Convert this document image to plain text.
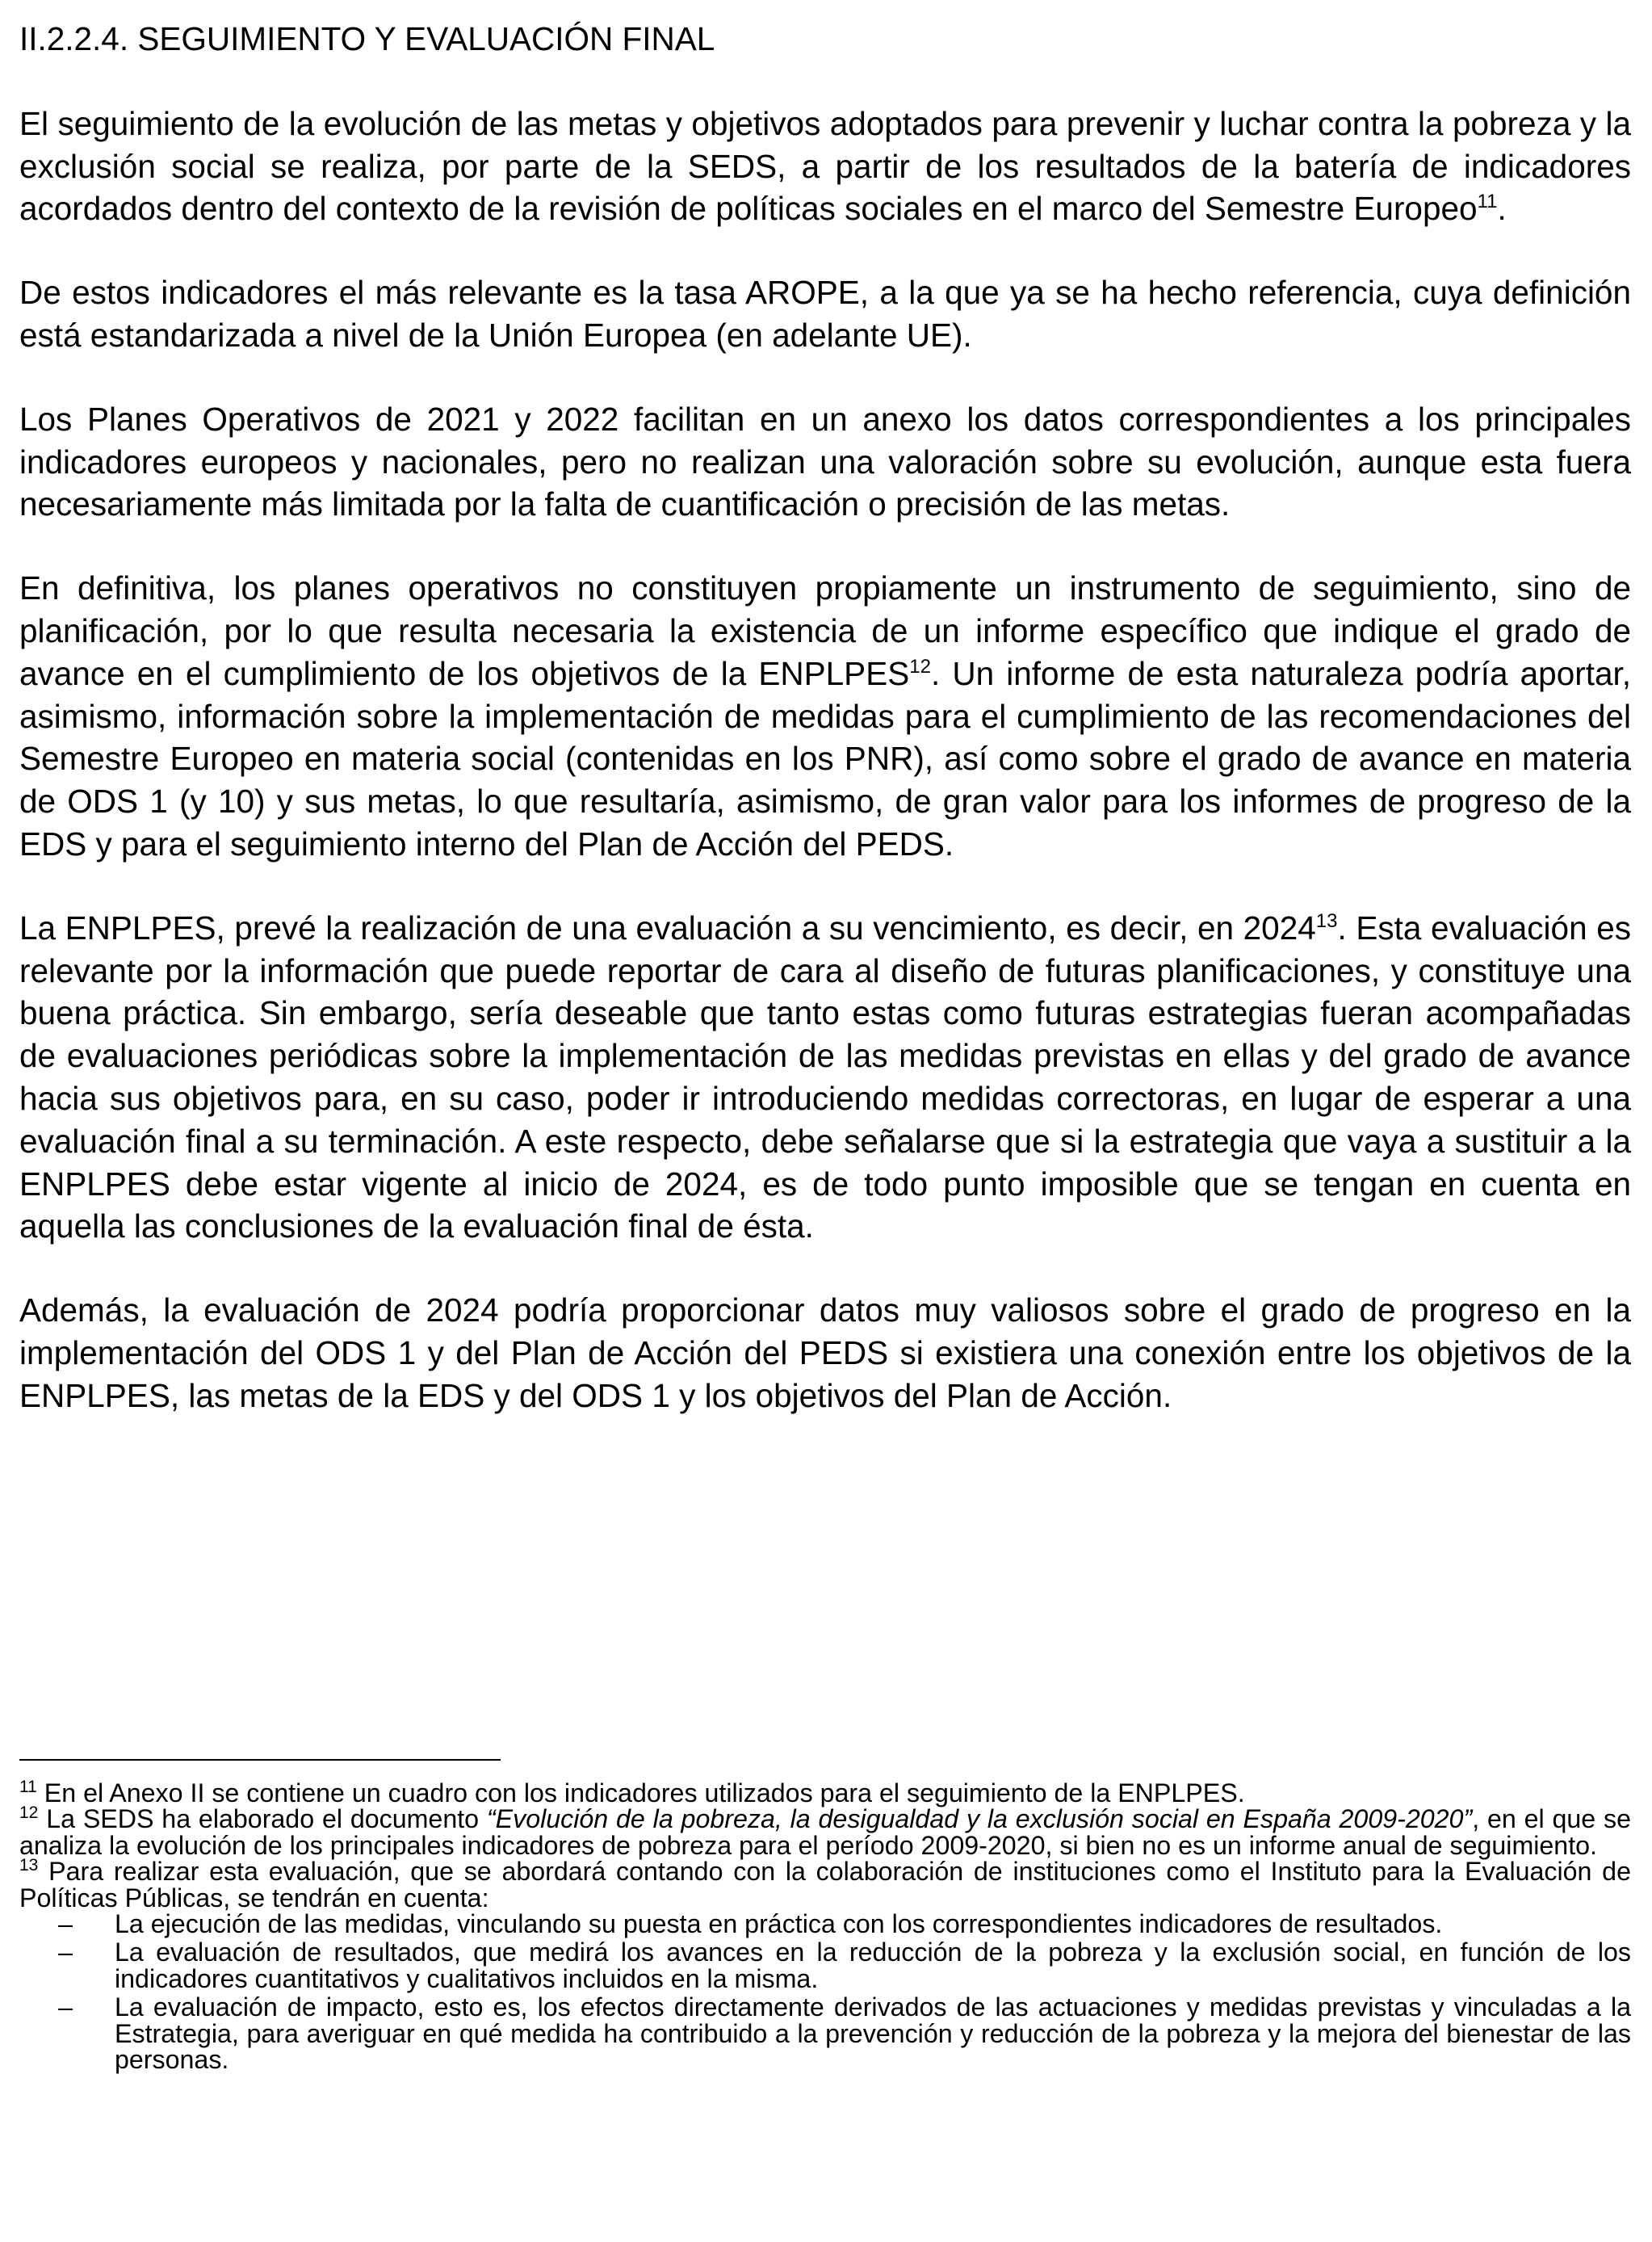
II.2.2.4. SEGUIMIENTO Y EVALUACIÓN FINAL

El seguimiento de la evolución de las metas y objetivos adoptados para prevenir y luchar contra la pobreza y la exclusión social se realiza, por parte de la SEDS, a partir de los resultados de la batería de indicadores acordados dentro del contexto de la revisión de políticas sociales en el marco del Semestre Europeo$^{11}$.

De estos indicadores el más relevante es la tasa AROPE, a la que ya se ha hecho referencia, cuya definición está estandarizada a nivel de la Unión Europea (en adelante UE).

Los Planes Operativos de 2021 y 2022 facilitan en un anexo los datos correspondientes a los principales indicadores europeos y nacionales, pero no realizan una valoración sobre su evolución, aunque esta fuera necesariamente más limitada por la falta de cuantificación o precisión de las metas.

En definitiva, los planes operativos no constituyen propiamente un instrumento de seguimiento, sino de planificación, por lo que resulta necesaria la existencia de un informe específico que indique el grado de avance en el cumplimiento de los objetivos de la ENPLPES$^{12}$. Un informe de esta naturaleza podría aportar, asimismo, información sobre la implementación de medidas para el cumplimiento de las recomendaciones del Semestre Europeo en materia social (contenidas en los PNR), así como sobre el grado de avance en materia de ODS 1 (y 10) y sus metas, lo que resultaría, asimismo, de gran valor para los informes de progreso de la EDS y para el seguimiento interno del Plan de Acción del PEDS.

La ENPLPES, prevé la realización de una evaluación a su vencimiento, es decir, en 2024$^{13}$. Esta evaluación es relevante por la información que puede reportar de cara al diseño de futuras planificaciones, y constituye una buena práctica. Sin embargo, sería deseable que tanto estas como futuras estrategias fueran acompañadas de evaluaciones periódicas sobre la implementación de las medidas previstas en ellas y del grado de avance hacia sus objetivos para, en su caso, poder ir introduciendo medidas correctoras, en lugar de esperar a una evaluación final a su terminación. A este respecto, debe señalarse que si la estrategia que vaya a sustituir a la ENPLPES debe estar vigente al inicio de 2024, es de todo punto imposible que se tengan en cuenta en aquella las conclusiones de la evaluación final de ésta.

Además, la evaluación de 2024 podría proporcionar datos muy valiosos sobre el grado de progreso en la implementación del ODS 1 y del Plan de Acción del PEDS si existiera una conexión entre los objetivos de la ENPLPES, las metas de la EDS y del ODS 1 y los objetivos del Plan de Acción.

$^{11}$ En el Anexo II se contiene un cuadro con los indicadores utilizados para el seguimiento de la ENPLPES.

$^{12}$ La SEDS ha elaborado el documento “Evolución de la pobreza, la desigualdad y la exclusión social en España 2009-2020”, en el que se analiza la evolución de los principales indicadores de pobreza para el período 2009-2020, si bien no es un informe anual de seguimiento.

$^{13}$ Para realizar esta evaluación, que se abordará contando con la colaboración de instituciones como el Instituto para la Evaluación de Políticas Públicas, se tendrán en cuenta:

– La ejecución de las medidas, vinculando su puesta en práctica con los correspondientes indicadores de resultados.
– La evaluación de resultados, que medirá los avances en la reducción de la pobreza y la exclusión social, en función de los indicadores cuantitativos y cualitativos incluidos en la misma.
– La evaluación de impacto, esto es, los efectos directamente derivados de las actuaciones y medidas previstas y vinculadas a la Estrategia, para averiguar en qué medida ha contribuido a la prevención y reducción de la pobreza y la mejora del bienestar de las personas.
